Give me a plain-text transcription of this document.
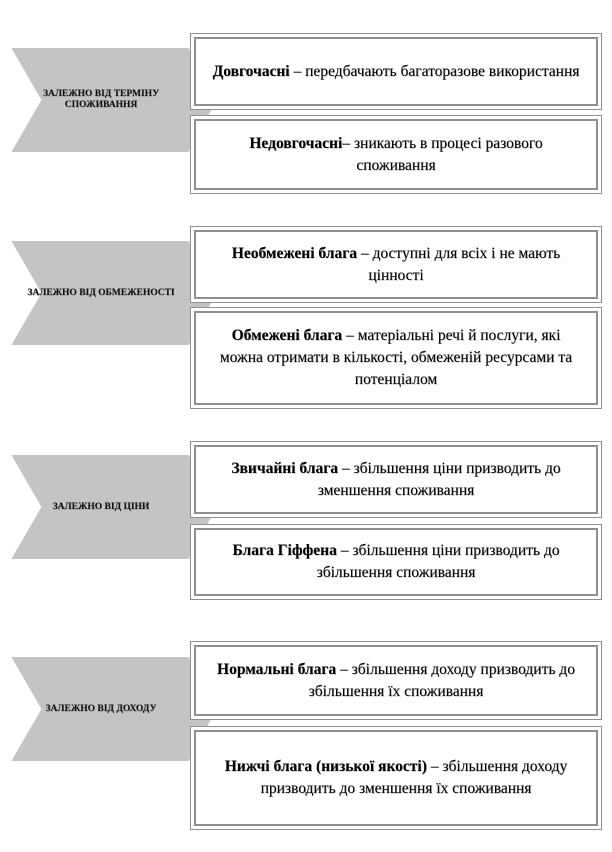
ЗАЛЕЖНО ВІД ТЕРМІНУ СПОЖИВАННЯ
Довгочасні – передбачають багаторазове використання
Недовгочасні– зникають в процесі разового споживання
ЗАЛЕЖНО ВІД ОБМЕЖЕНОСТІ
Необмежені блага – доступні для всіх і не мають цінності
Обмежені блага – матеріальні речі й послуги, які можна отримати в кількості, обмеженій ресурсами та потенціалом
ЗАЛЕЖНО ВІД ЦІНИ
Звичайні блага – збільшення ціни призводить до зменшення споживання
Блага Гіффена – збільшення ціни призводить до збільшення споживання
ЗАЛЕЖНО ВІД ДОХОДУ
Нормальні блага – збільшення доходу призводить до збільшення їх споживання
Нижчі блага (низької якості) – збільшення доходу призводить до зменшення їх споживання
